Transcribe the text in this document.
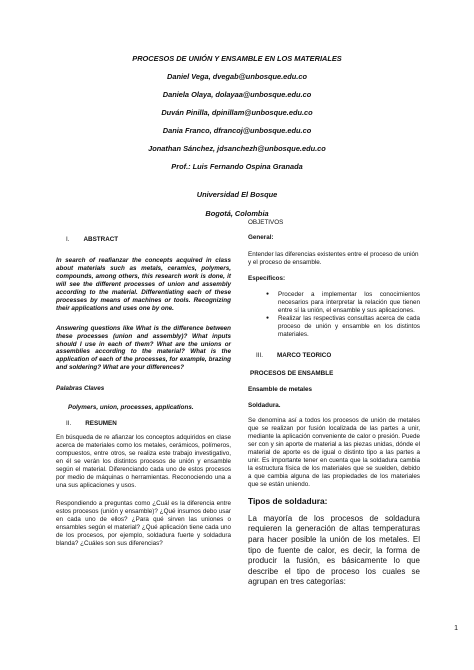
PROCESOS DE UNIÓN Y ENSAMBLE EN LOS MATERIALES
Daniel Vega, dvegab@unbosque.edu.co
Daniela Olaya, dolayaa@unbosque.edu.co
Duván Pinilla, dpinillam@unbosque.edu.co
Dania Franco, dfrancoj@unbosque.edu.co
Jonathan Sánchez, jdsanchezh@unbosque.edu.co
Prof.: Luis Fernando Ospina Granada
Universidad El Bosque
Bogotá, Colombia
I. ABSTRACT

In search of reafianzar the concepts acquired in class about materials such as metals, ceramics, polymers, compounds, among others, this research work is done, it will see the different processes of union and assembly according to the material. Differentiating each of these processes by means of machines or tools. Recognizing their applications and uses one by one.

Answering questions like What is the difference between these processes (union and assembly)? What inputs should I use in each of them? What are the unions or assemblies according to the material? What is the application of each of the processes, for example, brazing and soldering? What are your differences?

Palabras Claves

Polymers, union, processes, applications.

II. RESUMEN

En búsqueda de re afianzar los conceptos adquiridos en clase acerca de materiales como los metales, cerámicos, polímeros, compuestos, entre otros, se realiza este trabajo investigativo, en él se verán los distintos procesos de unión y ensamble según el material. Diferenciando cada uno de estos procesos por medio de máquinas o herramientas. Reconociendo una a una sus aplicaciones y usos.

Respondiendo a preguntas como ¿Cuál es la diferencia entre estos procesos (unión y ensamble)? ¿Qué insumos debo usar en cada uno de ellos? ¿Para qué sirven las uniones o ensambles según el material? ¿Qué aplicación tiene cada uno de los procesos, por ejemplo, soldadura fuerte y soldadura blanda? ¿Cuáles son sus diferencias?

OBJETIVOS

General:

Entender las diferencias existentes entre el proceso de unión y el proceso de ensamble.

Específicos:

● Proceder a implementar los conocimientos necesarios para interpretar la relación que tienen entre sí la unión, el ensamble y sus aplicaciones.
● Realizar las respectivas consultas acerca de cada proceso de unión y ensamble en los distintos materiales.
III. MARCO TEORICO

PROCESOS DE ENSAMBLE

Ensamble de metales

Soldadura.

Se denomina así a todos los procesos de unión de metales que se realizan por fusión localizada de las partes a unir, mediante la aplicación conveniente de calor o presión. Puede ser con y sin aporte de material a las piezas unidas, dónde el material de aporte es de igual o distinto tipo a las partes a unir. Es importante tener en cuenta que la soldadura cambia la estructura física de los materiales que se suelden, debido a que cambia alguna de las propiedades de los materiales que se están uniendo.

Tipos de soldadura:

La mayoría de los procesos de soldadura requieren la generación de altas temperaturas para hacer posible la unión de los metales. El tipo de fuente de calor, es decir, la forma de producir la fusión, es básicamente lo que describe el tipo de proceso los cuales se agrupan en tres categorías:

1
